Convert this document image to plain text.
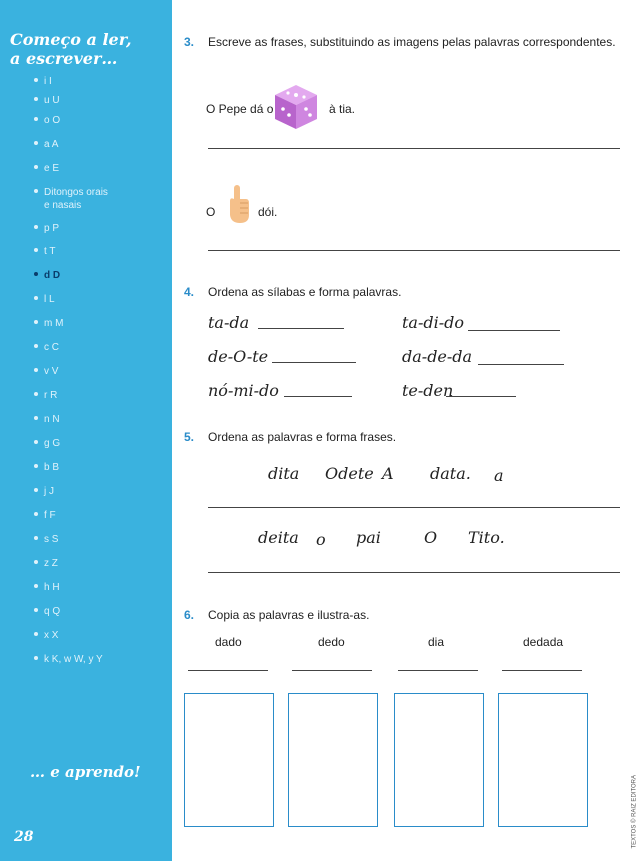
Começo a ler,
a escrever…
i I
u U
o O
a A
e E
Ditongos orais
e nasais
p P
t T
d D
l L
m M
c C
v V
r R
n N
g G
b B
j J
f F
s S
z Z
h H
q Q
x X
k K, w W, y Y
… e aprendo!
28
3. Escreve as frases, substituindo as imagens pelas palavras correspondentes.
O Pepe dá o	à tia.
O	dói.
4. Ordena as sílabas e forma palavras.
ta-da	ta-di-do
de-O-te	da-de-da
nó-mi-do	te-den
5. Ordena as palavras e forma frases.
dita Odete A data. a
deita o pai	O Tito.
6. Copia as palavras e ilustra-as.
dado	dedo	dia	dedada
TEXTOS © RAIZ EDITORA
